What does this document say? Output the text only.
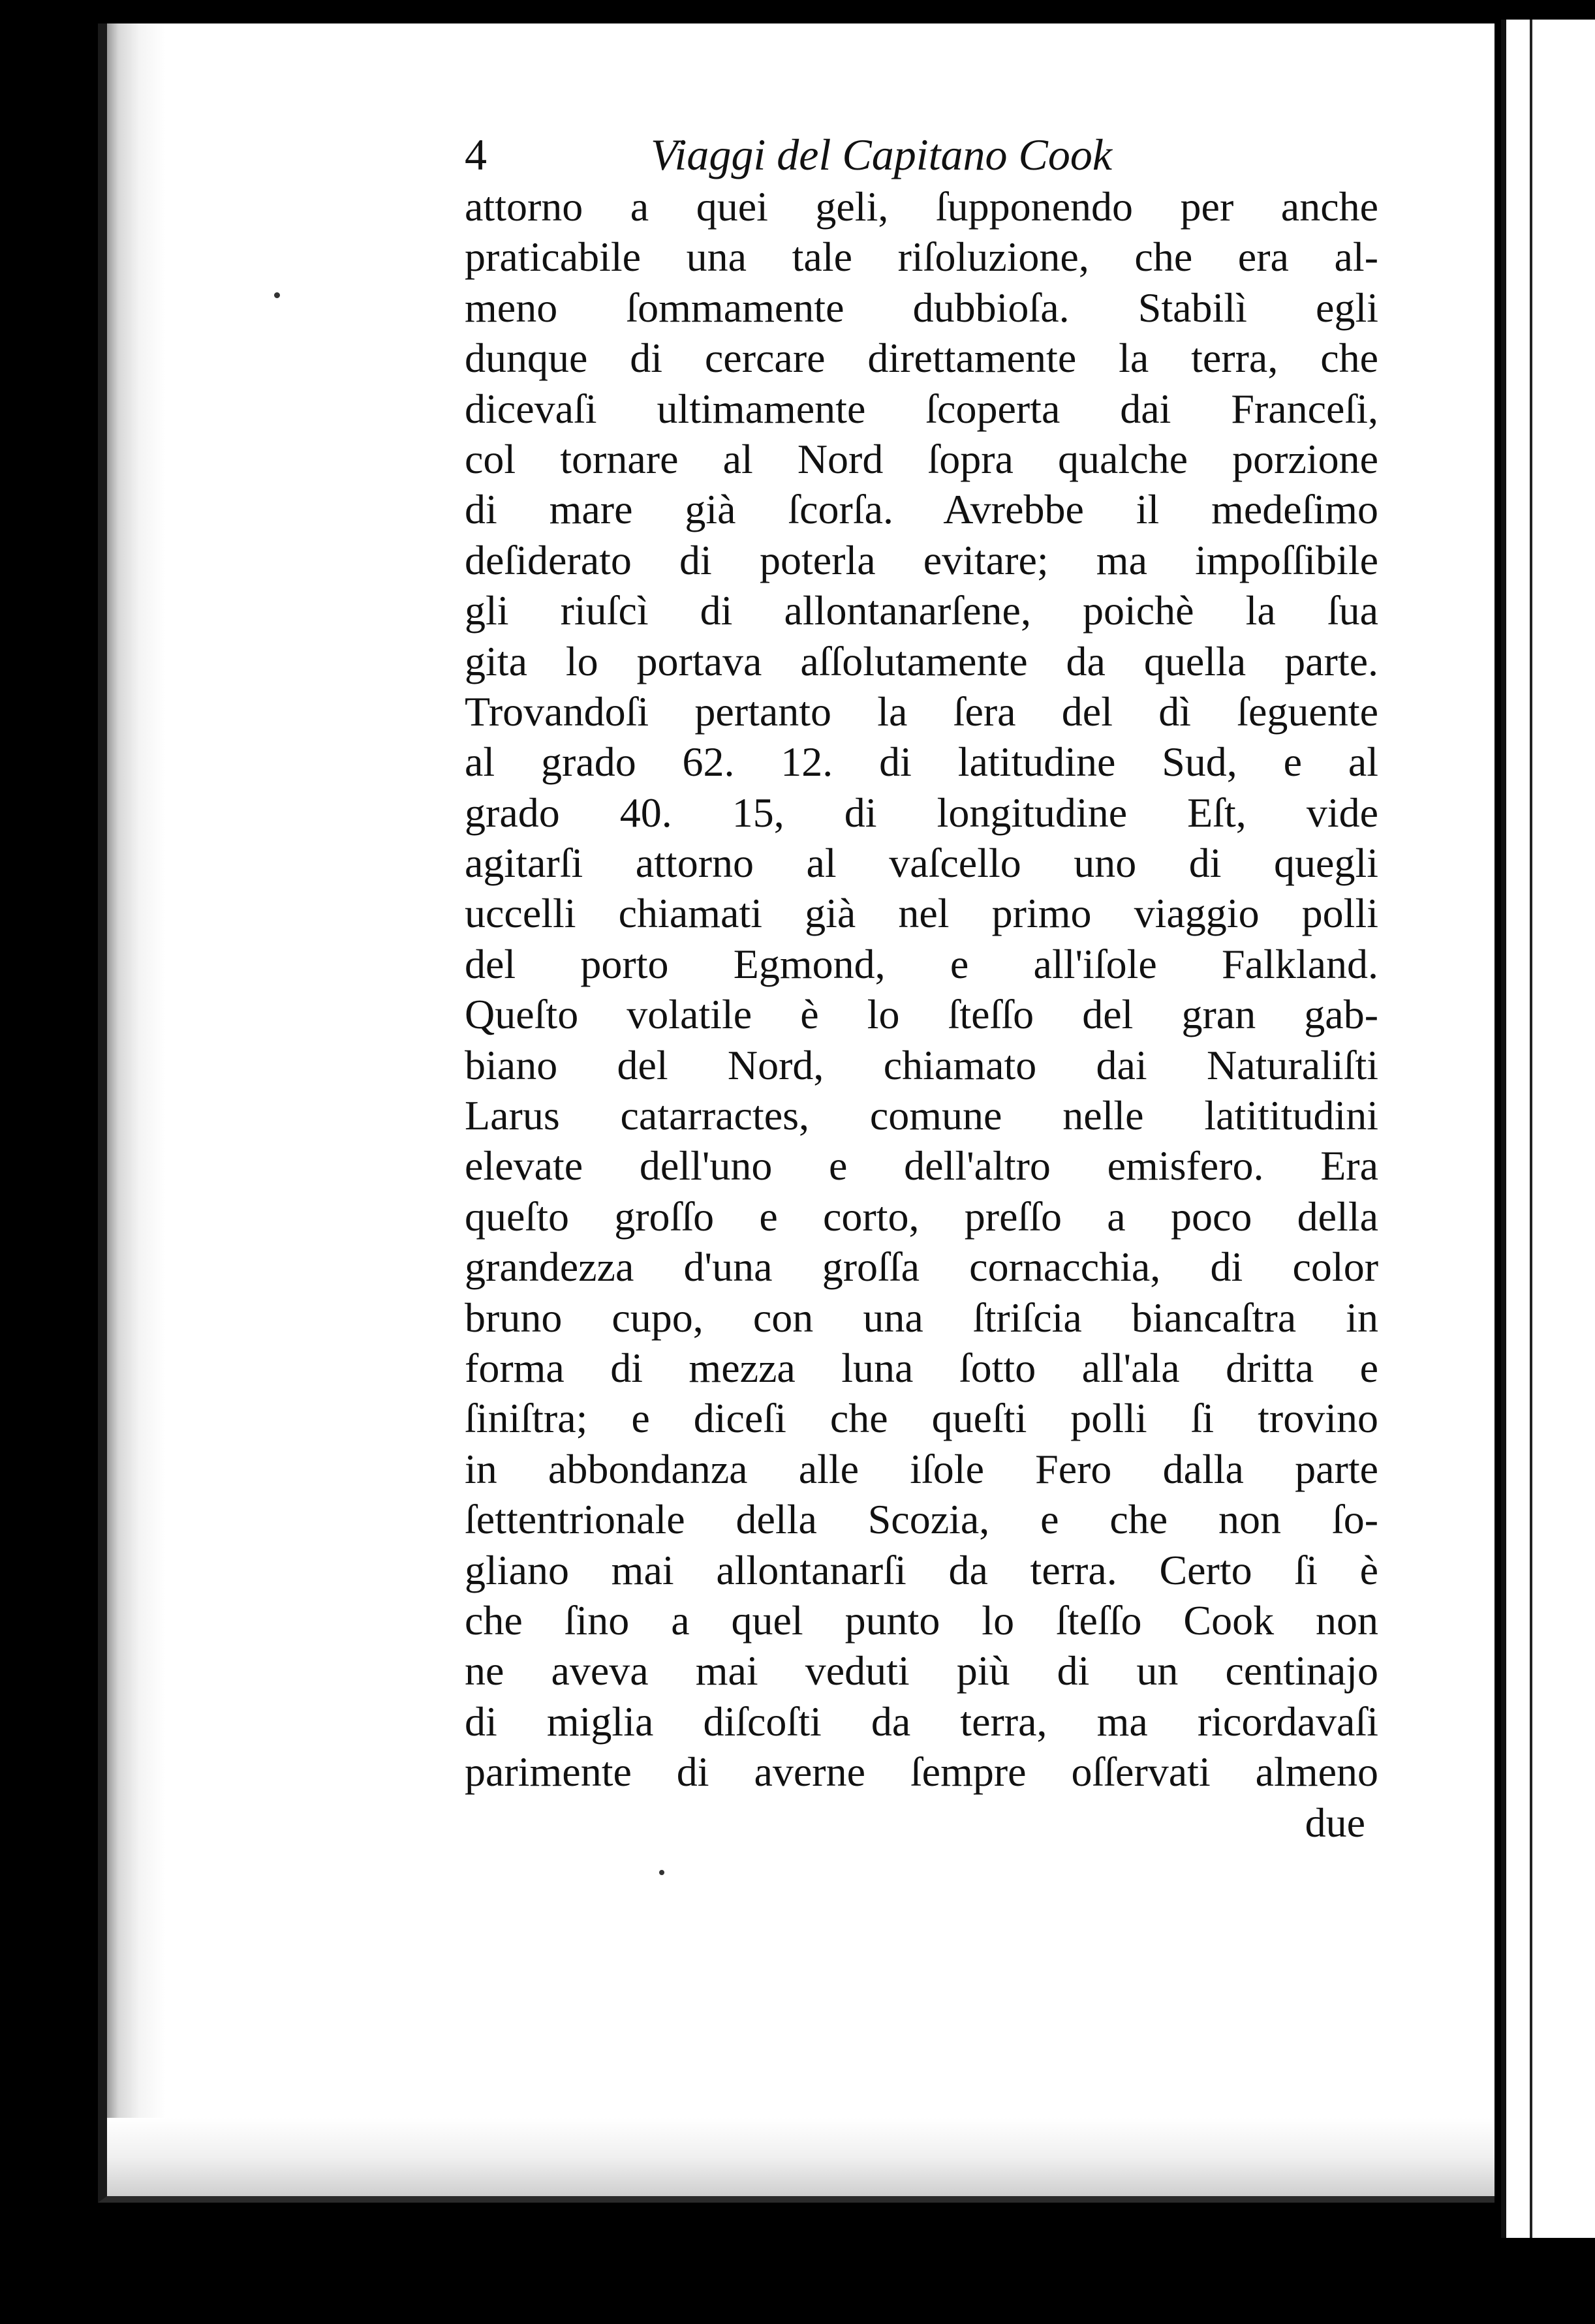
4	Viaggi del Capitano Cook
attorno a quei geli, ſupponendo per anche
praticabile una tale riſoluzione, che era al-
meno ſommamente dubbioſa. Stabilì egli
dunque di cercare direttamente la terra, che
dicevaſi ultimamente ſcoperta dai Franceſi,
col tornare al Nord ſopra qualche porzione
di mare già ſcorſa. Avrebbe il medeſimo
deſiderato di poterla evitare; ma impoſſibile
gli riuſcì di allontanarſene, poichè la ſua
gita lo portava aſſolutamente da quella parte.
Trovandoſi pertanto la ſera del dì ſeguente
al grado 62. 12. di latitudine Sud, e al
grado 40. 15, di longitudine Eſt, vide
agitarſi attorno al vaſcello uno di quegli
uccelli chiamati già nel primo viaggio polli
del porto Egmond, e all'iſole Falkland.
Queſto volatile è lo ſteſſo del gran gab-
biano del Nord, chiamato dai Naturaliſti
Larus catarractes, comune nelle latititudini
elevate dell'uno e dell'altro emisfero. Era
queſto groſſo e corto, preſſo a poco della
grandezza d'una groſſa cornacchia, di color
bruno cupo, con una ſtriſcia biancaſtra in
forma di mezza luna ſotto all'ala dritta e
ſiniſtra; e diceſi che queſti polli ſi trovino
in abbondanza alle iſole Fero dalla parte
ſettentrionale della Scozia, e che non ſo-
gliano mai allontanarſi da terra. Certo ſi è
che ſino a quel punto lo ſteſſo Cook non
ne aveva mai veduti più di un centinajo
di miglia diſcoſti da terra, ma ricordavaſi
parimente di averne ſempre oſſervati almeno
due
